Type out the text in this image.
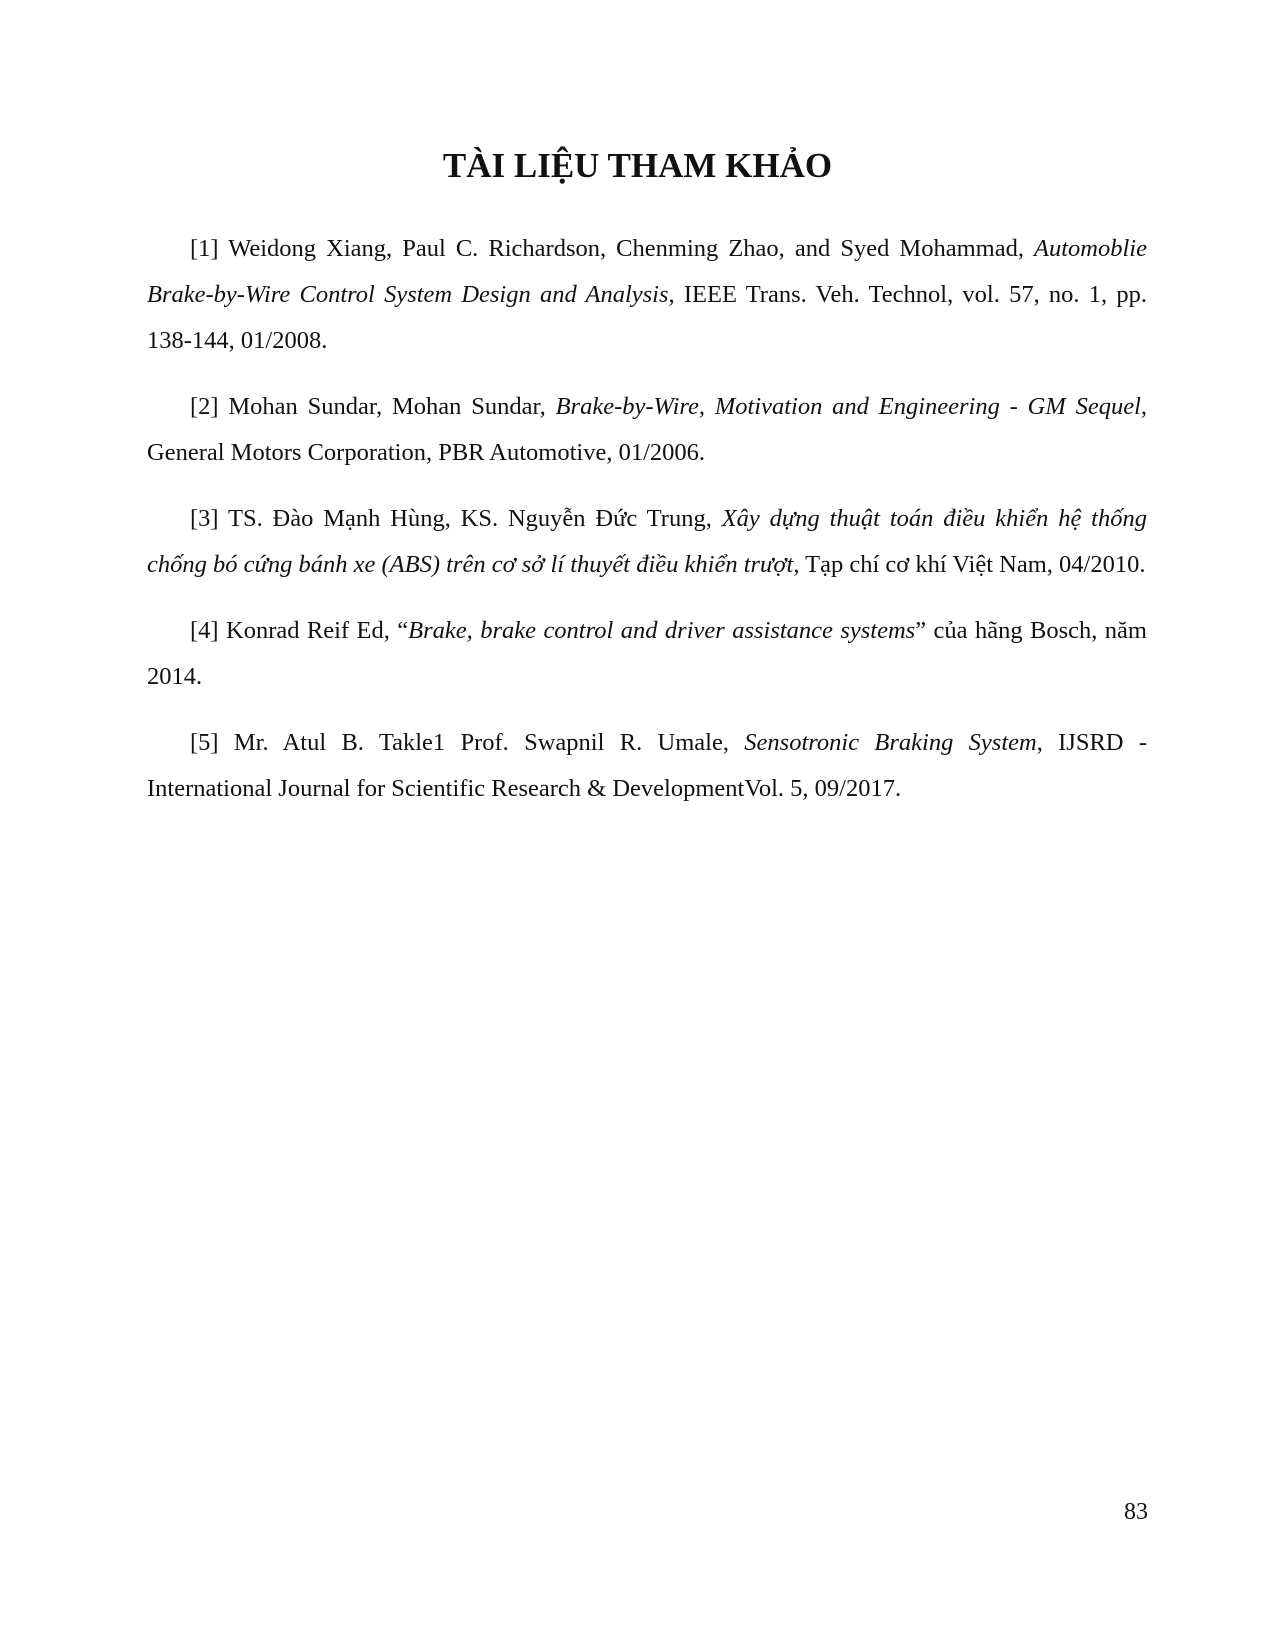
TÀI LIỆU THAM KHẢO

[1] Weidong Xiang, Paul C. Richardson, Chenming Zhao, and Syed Mohammad, Automoblie Brake-by-Wire Control System Design and Analysis, IEEE Trans. Veh. Technol, vol. 57, no. 1, pp. 138-144, 01/2008.

[2] Mohan Sundar, Mohan Sundar, Brake-by-Wire, Motivation and Engineering - GM Sequel, General Motors Corporation, PBR Automotive, 01/2006.

[3] TS. Đào Mạnh Hùng, KS. Nguyễn Đức Trung, Xây dựng thuật toán điều khiển hệ thống chống bó cứng bánh xe (ABS) trên cơ sở lí thuyết điều khiển trượt, Tạp chí cơ khí Việt Nam, 04/2010.

[4] Konrad Reif Ed, “Brake, brake control and driver assistance systems” của hãng Bosch, năm 2014.

[5] Mr. Atul B. Takle1 Prof. Swapnil R. Umale, Sensotronic Braking System, IJSRD - International Journal for Scientific Research & DevelopmentVol. 5, 09/2017.

83
